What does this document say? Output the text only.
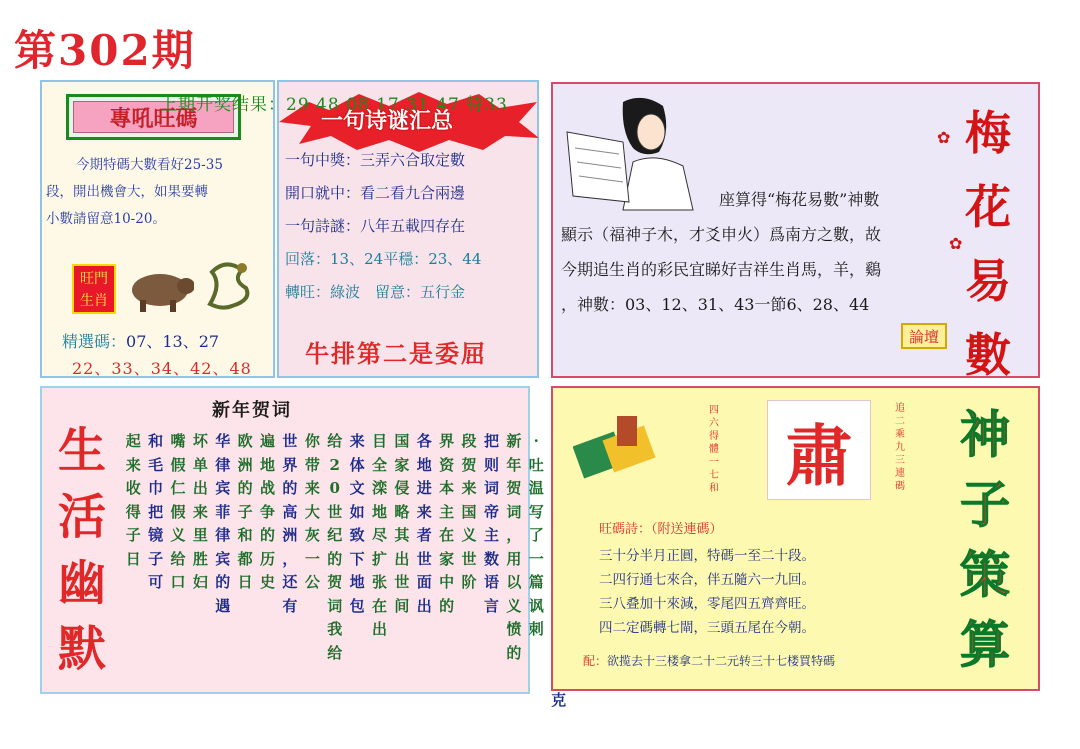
第302期
上期开奖结果：29 48 08 17 31 47 特33
專吼旺碼
今期特碼大數看好25-35
段，開出機會大，如果要轉
小數請留意10-20。
旺門
生肖
精選碼：07、13、27
22、33、34、42、48
一句诗谜汇总
一句中獎：三弄六合取定數
開口就中：看二看九合兩邊
一句詩謎：八年五載四存在
回落：13、24平穩：23、44
轉旺：綠波　留意：五行金
牛排第二是委屈
座算得“梅花易數”神數
顯示（福神子木，才爻申火）爲南方之數，故
今期追生肖的彩民宜睇好吉祥生肖馬，羊，鷄
，神數：03、12、31、43一節6、28、44
論壇
✿
✿
梅
花
易
數
新年贺词
生
活
幽
默
克
·
吐
温
写
了
一
篇
讽
刺
新
年
贺
词
，
用
以
义
愤
的
把
则
词
帝
主
数
语
言
段
贺
来
国
义
世
阶
界
资
本
主
在
家
中
的
各
地
进
来
者
世
面
出
国
家
侵
略
其
出
世
间
目
全
滦
地
尽
扩
张
在
出
来
体
文
如
致
下
地
包
给
2
0
世
纪
的
贺
词
我
给
你
带
来
大
灰
一
公
世
界
的
高
洲
，
还
有
遍
地
战
争
的
历
史
欧
洲
的
子
和
都
日
华
律
宾
菲
律
宾
的
遇
坏
单
出
来
里
胜
妇
嘴
假
仁
假
义
给
口
和
毛
巾
把
镜
子
可
起
来
收
得
子
日
四
六
得
體
一
七
和 肅
追
二
乘
九
三
連
碼
旺碼詩：（附送連碼）
三十分半月正圓，特碼一至二十段。
二四行通七來合，伴五隨六一九回。
三八叠加十來減，零尾四五齊齊旺。
四二定碼轉七閘，三頭五尾在今朝。
配：欲揽去十三楼拿二十二元转三十七楼買特碼
神
子
策
算
